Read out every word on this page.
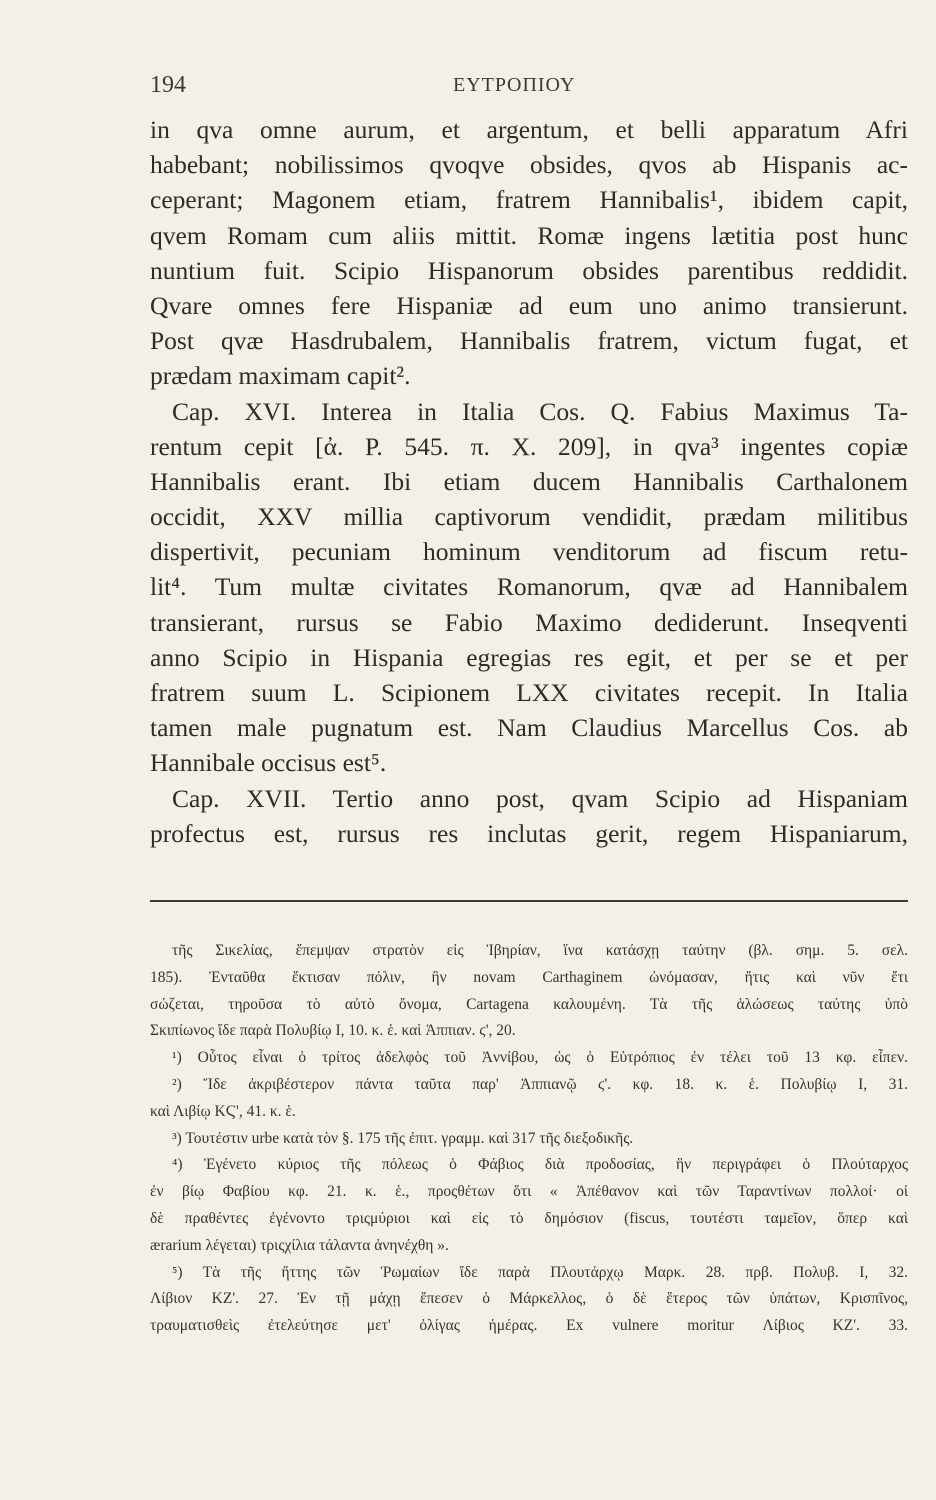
194	ΕΥΤΡΟΠΙΟΥ
in qva omne aurum, et argentum, et belli apparatum Afri
habebant; nobilissimos qvoqve obsides, qvos ab Hispanis ac-
ceperant; Magonem etiam, fratrem Hannibalis¹, ibidem capit,
qvem Romam cum aliis mittit. Romæ ingens lætitia post hunc
nuntium fuit. Scipio Hispanorum obsides parentibus reddidit.
Qvare omnes fere Hispaniæ ad eum uno animo transierunt.
Post qvæ Hasdrubalem, Hannibalis fratrem, victum fugat, et
prædam maximam capit².
Cap. XVI. Interea in Italia Cos. Q. Fabius Maximus Ta-
rentum cepit [ἀ. Ρ. 545. π. Χ. 209], in qva³ ingentes copiæ
Hannibalis erant. Ibi etiam ducem Hannibalis Carthalonem
occidit, XXV millia captivorum vendidit, prædam militibus
dispertivit, pecuniam hominum venditorum ad fiscum retu-
lit⁴. Tum multæ civitates Romanorum, qvæ ad Hannibalem
transierant, rursus se Fabio Maximo dediderunt. Inseqventi
anno Scipio in Hispania egregias res egit, et per se et per
fratrem suum L. Scipionem LXX civitates recepit. In Italia
tamen male pugnatum est. Nam Claudius Marcellus Cos. ab
Hannibale occisus est⁵.
Cap. XVII. Tertio anno post, qvam Scipio ad Hispaniam
profectus est, rursus res inclutas gerit, regem Hispaniarum,
τῆς Σικελίας, ἔπεμψαν στρατὸν εἰς Ἰβηρίαν, ἵνα κατάσχῃ ταύτην (βλ. σημ. 5. σελ.
185). Ἐνταῦθα ἔκτισαν πόλιν, ἣν novam Carthaginem ὠνόμασαν, ἥτις καὶ νῦν ἔτι
σώζεται, τηροῦσα τὸ αὐτὸ ὄνομα, Cartagena καλουμένη. Τὰ τῆς ἁλώσεως ταύτης ὑπὸ
Σκιπίωνος ἴδε παρὰ Πολυβίῳ Ι, 10. κ. ἑ. καὶ Ἀππιαν. ϛ', 20.
¹) Οὗτος εἶναι ὁ τρίτος ἀδελφὸς τοῦ Ἀννίβου, ὡς ὁ Εὐτρόπιος ἐν τέλει τοῦ 13 κφ. εἶπεν.
²) Ἴδε ἀκριβέστερον πάντα ταῦτα παρ' Ἀππιανῷ ϛ'. κφ. 18. κ. ἑ. Πολυβίῳ Ι, 31.
καὶ Λιβίῳ ΚϚ', 41. κ. ἑ.
³) Τουτέστιν urbe κατὰ τὸν §. 175 τῆς ἐπιτ. γραμμ. καὶ 317 τῆς διεξοδικῆς.
⁴) Ἐγένετο κύριος τῆς πόλεως ὁ Φάβιος διὰ προδοσίας, ἣν περιγράφει ὁ Πλούταρχος
ἐν βίῳ Φαβίου κφ. 21. κ. ἑ., προςθέτων ὅτι « Ἀπέθανον καὶ τῶν Ταραντίνων πολλοί· οἱ
δὲ πραθέντες ἐγένοντο τριςμύριοι καὶ εἰς τὸ δημόσιον (fiscus, τουτέστι ταμεῖον, ὅπερ καὶ
ærarium λέγεται) τριςχίλια τάλαντα ἀνηνέχθη ».
⁵) Τὰ τῆς ἥττης τῶν Ῥωμαίων ἴδε παρὰ Πλουτάρχῳ Μαρκ. 28. πρβ. Πολυβ. Ι, 32.
Λίβιον ΚΖ'. 27. Ἐν τῇ μάχῃ ἔπεσεν ὁ Μάρκελλος, ὁ δὲ ἕτερος τῶν ὑπάτων, Κρισπῖνος,
τραυματισθεὶς ἐτελεύτησε μετ' ὀλίγας ἡμέρας. Ex vulnere moritur Λίβιος ΚΖ'. 33.
